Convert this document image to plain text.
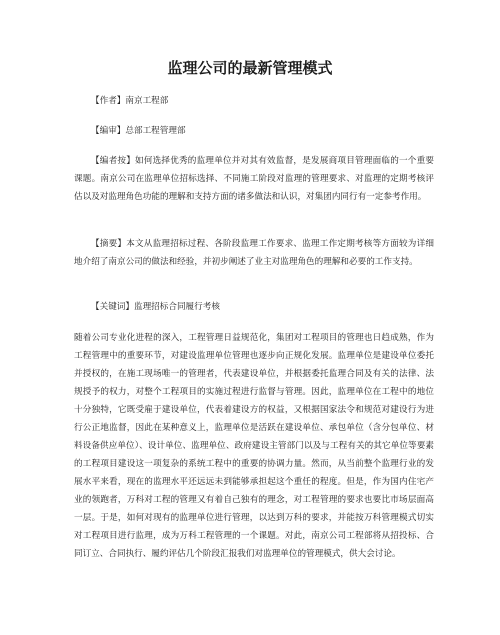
监理公司的最新管理模式
【作者】南京工程部
【编审】总部工程管理部
【编者按】如何选择优秀的监理单位并对其有效监督，是发展商项目管理面临的一个重要课题。南京公司在监理单位招标选择、不同施工阶段对监理的管理要求、对监理的定期考核评估以及对监理角色功能的理解和支持方面的诸多做法和认识，对集团内同行有一定参考作用。
【摘要】本文从监理招标过程、各阶段监理工作要求、监理工作定期考核等方面较为详细地介绍了南京公司的做法和经验，并初步阐述了业主对监理角色的理解和必要的工作支持。
【关键词】监理招标合同履行考核
随着公司专业化进程的深入，工程管理日益规范化，集团对工程项目的管理也日趋成熟，作为工程管理中的重要环节，对建设监理单位管理也逐步向正规化发展。监理单位是建设单位委托并授权的，在施工现场唯一的管理者，代表建设单位，并根据委托监理合同及有关的法律、法规授予的权力，对整个工程项目的实施过程进行监督与管理。因此，监理单位在工程中的地位十分独特，它既受雇于建设单位，代表着建设方的权益，又根据国家法令和规范对建设行为进行公正地监督，因此在某种意义上，监理单位是活跃在建设单位、承包单位（含分包单位、材料设备供应单位）、设计单位、监理单位、政府建设主管部门以及与工程有关的其它单位等要素的工程项目建设这一项复杂的系统工程中的重要的协调力量。然而，从当前整个监理行业的发展水平来看，现在的监理水平还远远未到能够承担起这个重任的程度。但是，作为国内住宅产业的领跑者，万科对工程的管理又有着自己独有的理念，对工程管理的要求也要比市场层面高一层。于是，如何对现有的监理单位进行管理，以达到万科的要求，并能按万科管理模式切实对工程项目进行监理，成为万科工程管理的一个课题。对此，南京公司工程部将从招投标、合同订立、合同执行、履约评估几个阶段汇报我们对监理单位的管理模式，供大会讨论。
